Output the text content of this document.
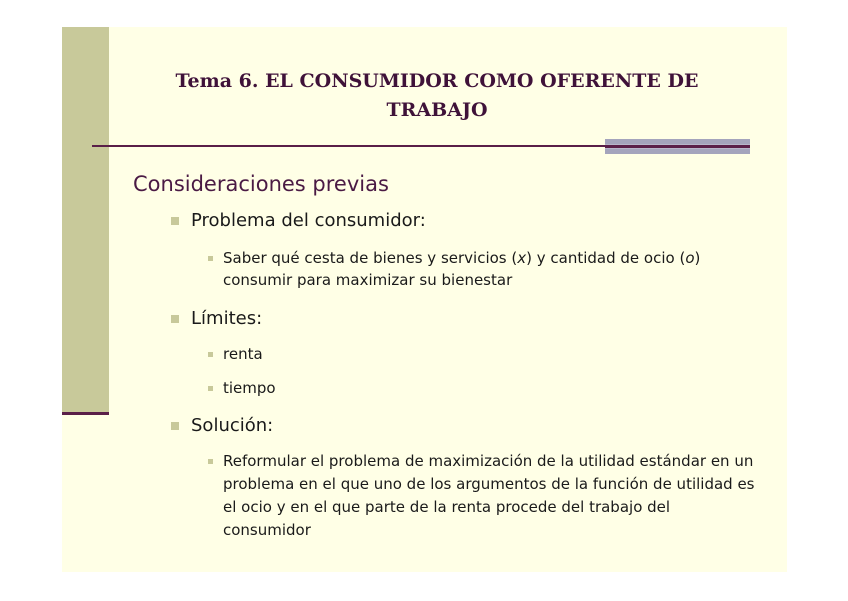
Tema 6. EL CONSUMIDOR COMO OFERENTE DE TRABAJO
Consideraciones previas
Problema del consumidor:
Saber qué cesta de bienes y servicios (x) y cantidad de ocio (o) consumir para maximizar su bienestar
Límites:
renta
tiempo
Solución:
Reformular el problema de maximización de la utilidad estándar en un problema en el que uno de los argumentos de la función de utilidad es el ocio y en el que parte de la renta procede del trabajo del consumidor
